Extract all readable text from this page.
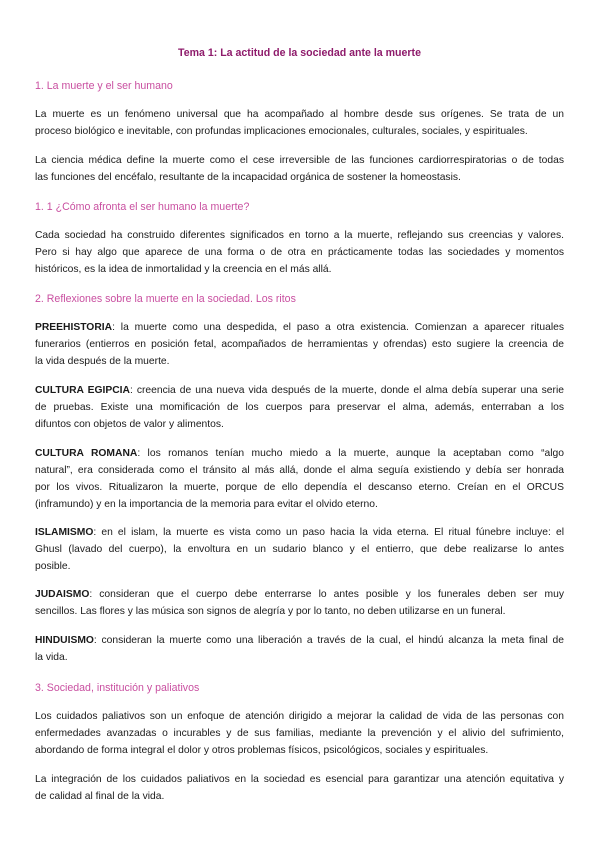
Tema 1: La actitud de la sociedad ante la muerte
1. La muerte y el ser humano
La muerte es un fenómeno universal que ha acompañado al hombre desde sus orígenes. Se trata de un
proceso biológico e inevitable, con profundas implicaciones emocionales, culturales, sociales, y espirituales.
La ciencia médica define la muerte como el cese irreversible de las funciones cardiorrespiratorias o de todas
las funciones del encéfalo, resultante de la incapacidad orgánica de sostener la homeostasis.
1. 1 ¿Cómo afronta el ser humano la muerte?
Cada sociedad ha construido diferentes significados en torno a la muerte, reflejando sus creencias y valores.
Pero si hay algo que aparece de una forma o de otra en prácticamente todas las sociedades y momentos
históricos, es la idea de inmortalidad y la creencia en el más allá.
2. Reflexiones sobre la muerte en la sociedad. Los ritos
PREEHISTORIA: la muerte como una despedida, el paso a otra existencia. Comienzan a aparecer rituales
funerarios (entierros en posición fetal, acompañados de herramientas y ofrendas) esto sugiere la creencia de
la vida después de la muerte.
CULTURA EGIPCIA: creencia de una nueva vida después de la muerte, donde el alma debía superar una serie
de pruebas. Existe una momificación de los cuerpos para preservar el alma, además, enterraban a los
difuntos con objetos de valor y alimentos.
CULTURA ROMANA: los romanos tenían mucho miedo a la muerte, aunque la aceptaban como “algo
natural”, era considerada como el tránsito al más allá, donde el alma seguía existiendo y debía ser honrada
por los vivos. Ritualizaron la muerte, porque de ello dependía el descanso eterno. Creían en el ORCUS
(inframundo) y en la importancia de la memoria para evitar el olvido eterno.
ISLAMISMO: en el islam, la muerte es vista como un paso hacia la vida eterna. El ritual fúnebre incluye: el
Ghusl (lavado del cuerpo), la envoltura en un sudario blanco y el entierro, que debe realizarse lo antes
posible.
JUDAISMO: consideran que el cuerpo debe enterrarse lo antes posible y los funerales deben ser muy
sencillos. Las flores y las música son signos de alegría y por lo tanto, no deben utilizarse en un funeral.
HINDUISMO: consideran la muerte como una liberación a través de la cual, el hindú alcanza la meta final de
la vida.
3. Sociedad, institución y paliativos
Los cuidados paliativos son un enfoque de atención dirigido a mejorar la calidad de vida de las personas con
enfermedades avanzadas o incurables y de sus familias, mediante la prevención y el alivio del sufrimiento,
abordando de forma integral el dolor y otros problemas físicos, psicológicos, sociales y espirituales.
La integración de los cuidados paliativos en la sociedad es esencial para garantizar una atención equitativa y
de calidad al final de la vida.
